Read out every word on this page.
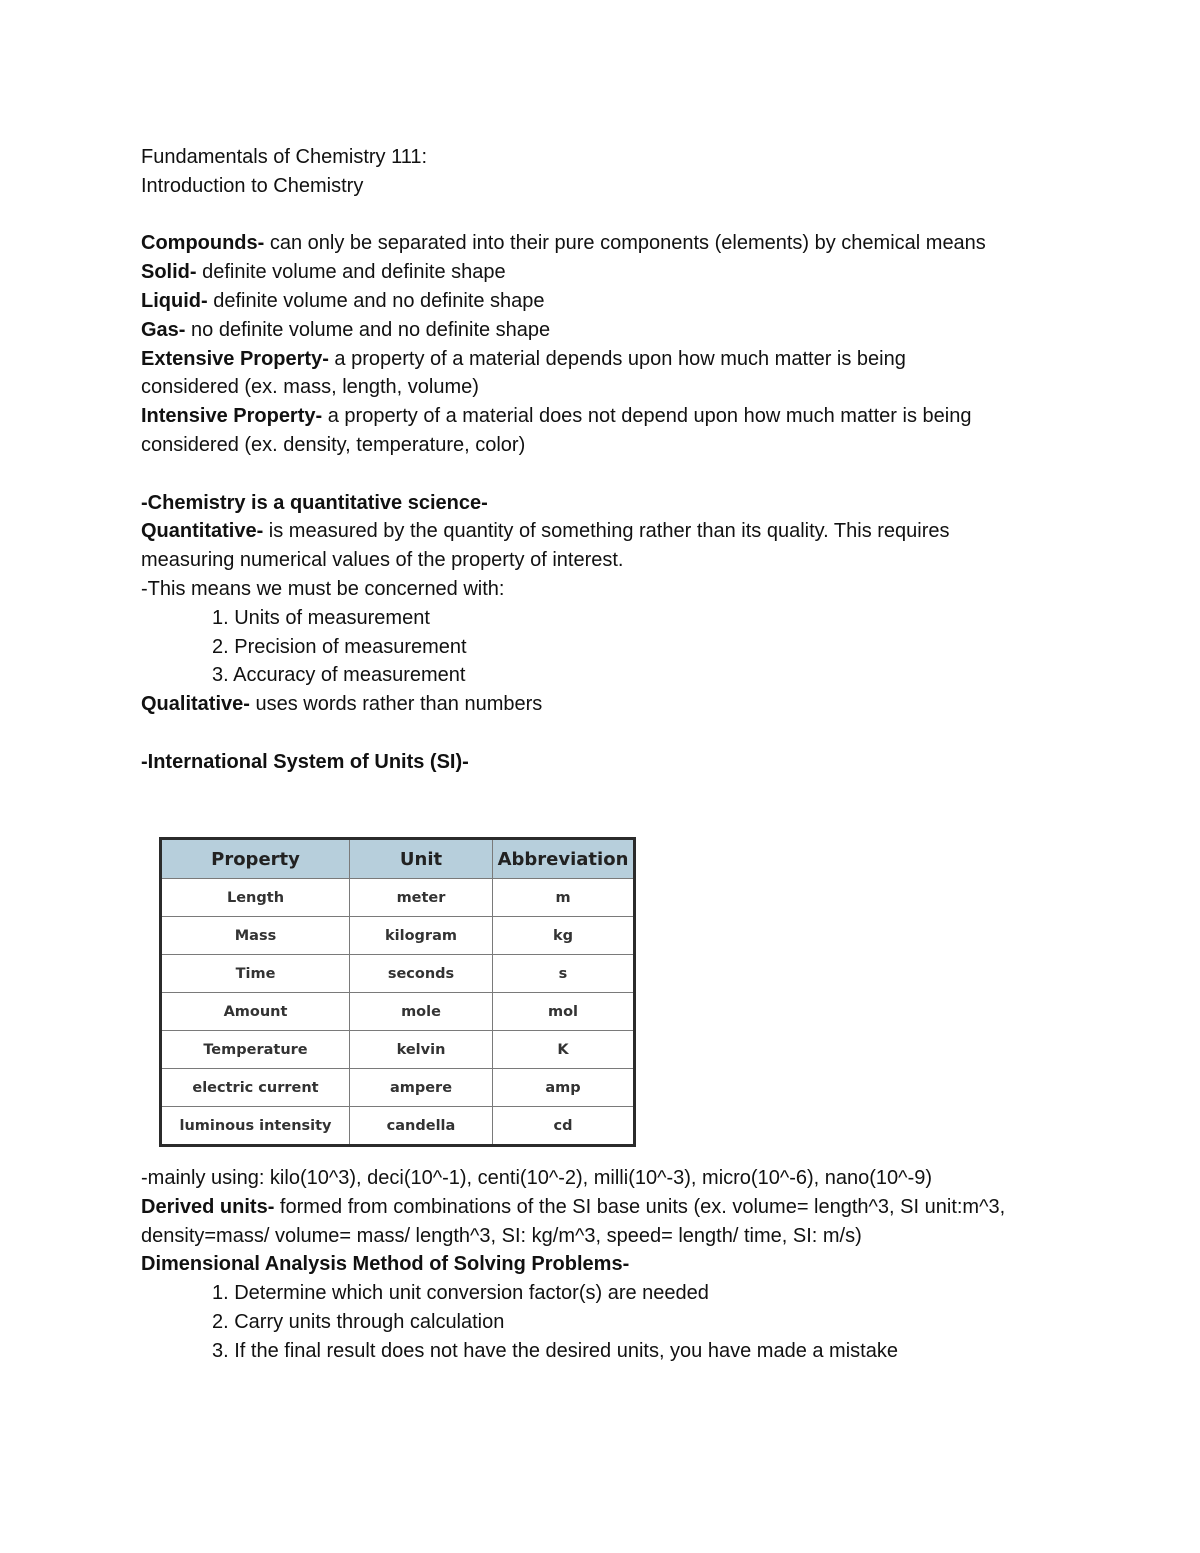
Fundamentals of Chemistry 111:
Introduction to Chemistry
Compounds- can only be separated into their pure components (elements) by chemical means
Solid- definite volume and definite shape
Liquid- definite volume and no definite shape
Gas- no definite volume and no definite shape
Extensive Property- a property of a material depends upon how much matter is being considered (ex. mass, length, volume)
Intensive Property- a property of a material does not depend upon how much matter is being considered (ex. density, temperature, color)
-Chemistry is a quantitative science-
Quantitative- is measured by the quantity of something rather than its quality. This requires measuring numerical values of the property of interest.
-This means we must be concerned with:
1. Units of measurement
2. Precision of measurement
3. Accuracy of measurement
Qualitative- uses words rather than numbers
-International System of Units (SI)-
Property	Unit	Abbreviation
Length	meter	m
Mass	kilogram	kg
Time	seconds	s
Amount	mole	mol
Temperature	kelvin	K
electric current	ampere	amp
luminous intensity	candella	cd
-mainly using: kilo(10^3), deci(10^-1), centi(10^-2), milli(10^-3), micro(10^-6), nano(10^-9)
Derived units- formed from combinations of the SI base units (ex. volume= length^3, SI unit:m^3, density=mass/ volume= mass/ length^3, SI: kg/m^3, speed= length/ time, SI: m/s)
Dimensional Analysis Method of Solving Problems-
1. Determine which unit conversion factor(s) are needed
2. Carry units through calculation
3. If the final result does not have the desired units, you have made a mistake
